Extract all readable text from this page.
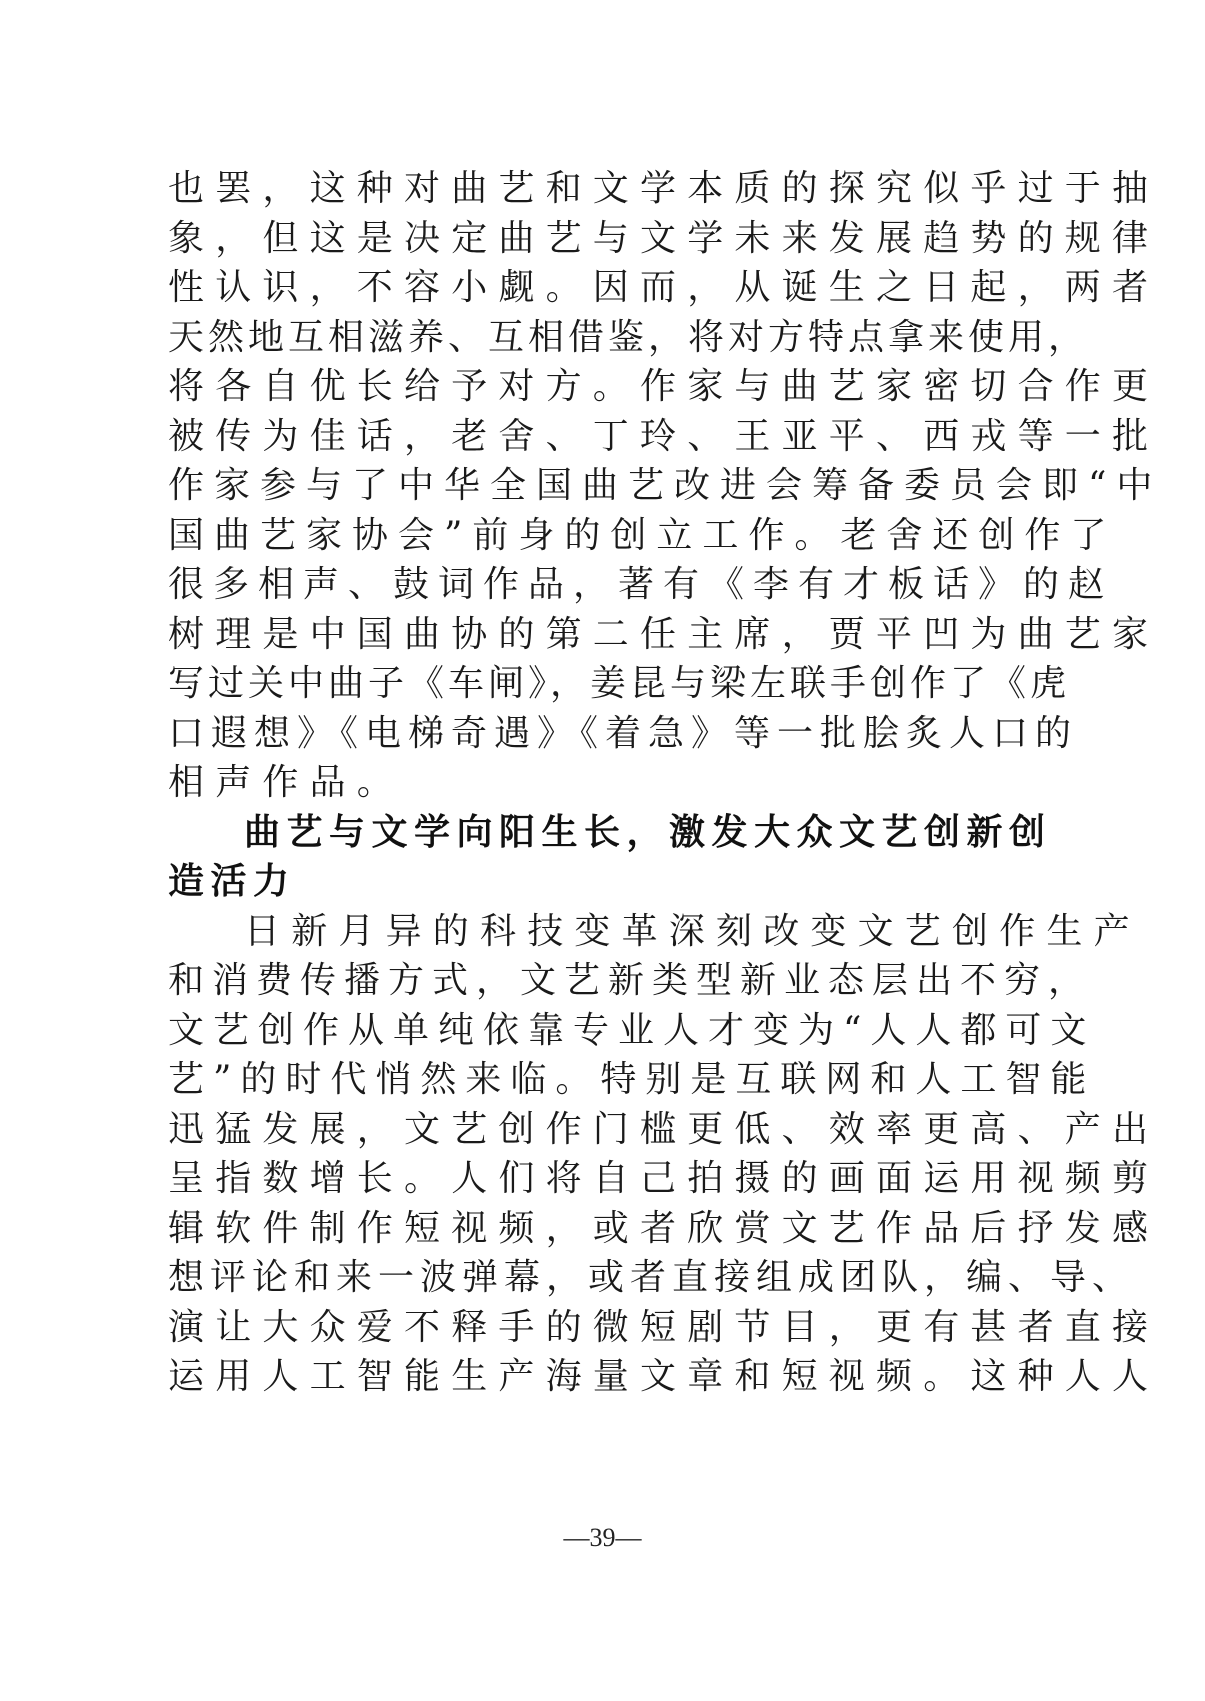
也罢，这种对曲艺和文学本质的探究似乎过于抽
象，但这是决定曲艺与文学未来发展趋势的规律
性认识，不容小觑。因而，从诞生之日起，两者
天然地互相滋养、互相借鉴，将对方特点拿来使用，
将各自优长给予对方。作家与曲艺家密切合作更
被传为佳话，老舍、丁玲、王亚平、西戎等一批
作家参与了中华全国曲艺改进会筹备委员会即“中
国曲艺家协会”前身的创立工作。老舍还创作了
很多相声、鼓词作品，著有《李有才板话》的赵
树理是中国曲协的第二任主席，贾平凹为曲艺家
写过关中曲子《车闸》，姜昆与梁左联手创作了《虎
口遐想》《电梯奇遇》《着急》等一批脍炙人口的
相声作品。
曲艺与文学向阳生长，激发大众文艺创新创
造活力
日新月异的科技变革深刻改变文艺创作生产
和消费传播方式，文艺新类型新业态层出不穷，
文艺创作从单纯依靠专业人才变为“人人都可文
艺”的时代悄然来临。特别是互联网和人工智能
迅猛发展，文艺创作门槛更低、效率更高、产出
呈指数增长。人们将自己拍摄的画面运用视频剪
辑软件制作短视频，或者欣赏文艺作品后抒发感
想评论和来一波弹幕，或者直接组成团队，编、导、
演让大众爱不释手的微短剧节目，更有甚者直接
运用人工智能生产海量文章和短视频。这种人人
—39—
